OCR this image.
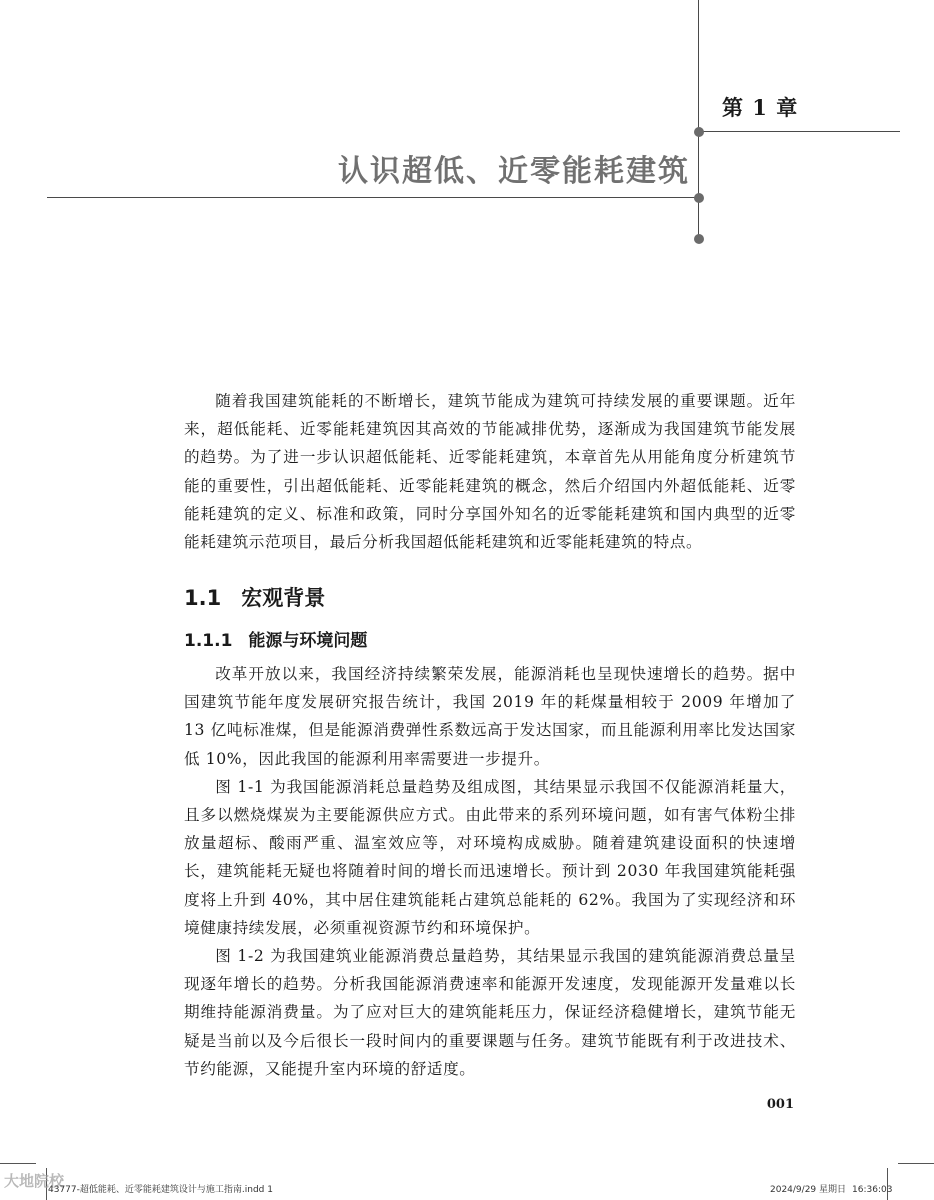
第 1 章
认识超低、近零能耗建筑

随着我国建筑能耗的不断增长，建筑节能成为建筑可持续发展的重要课题。近年来，超低能耗、近零能耗建筑因其高效的节能减排优势，逐渐成为我国建筑节能发展的趋势。为了进一步认识超低能耗、近零能耗建筑，本章首先从用能角度分析建筑节能的重要性，引出超低能耗、近零能耗建筑的概念，然后介绍国内外超低能耗、近零能耗建筑的定义、标准和政策，同时分享国外知名的近零能耗建筑和国内典型的近零能耗建筑示范项目，最后分析我国超低能耗建筑和近零能耗建筑的特点。

1.1 宏观背景
1.1.1 能源与环境问题

改革开放以来，我国经济持续繁荣发展，能源消耗也呈现快速增长的趋势。据中国建筑节能年度发展研究报告统计，我国 2019 年的耗煤量相较于 2009 年增加了 13 亿吨标准煤，但是能源消费弹性系数远高于发达国家，而且能源利用率比发达国家低 10%，因此我国的能源利用率需要进一步提升。

图 1-1 为我国能源消耗总量趋势及组成图，其结果显示我国不仅能源消耗量大，且多以燃烧煤炭为主要能源供应方式。由此带来的系列环境问题，如有害气体粉尘排放量超标、酸雨严重、温室效应等，对环境构成威胁。随着建筑建设面积的快速增长，建筑能耗无疑也将随着时间的增长而迅速增长。预计到 2030 年我国建筑能耗强度将上升到 40%，其中居住建筑能耗占建筑总能耗的 62%。我国为了实现经济和环境健康持续发展，必须重视资源节约和环境保护。

图 1-2 为我国建筑业能源消费总量趋势，其结果显示我国的建筑能源消费总量呈现逐年增长的趋势。分析我国能源消费速率和能源开发速度，发现能源开发量难以长期维持能源消费量。为了应对巨大的建筑能耗压力，保证经济稳健增长，建筑节能无疑是当前以及今后很长一段时间内的重要课题与任务。建筑节能既有利于改进技术、节约能源，又能提升室内环境的舒适度。

001
大地院校
43777-超低能耗、近零能耗建筑设计与施工指南.indd 1	2024/9/29 星期日 16:36:03
